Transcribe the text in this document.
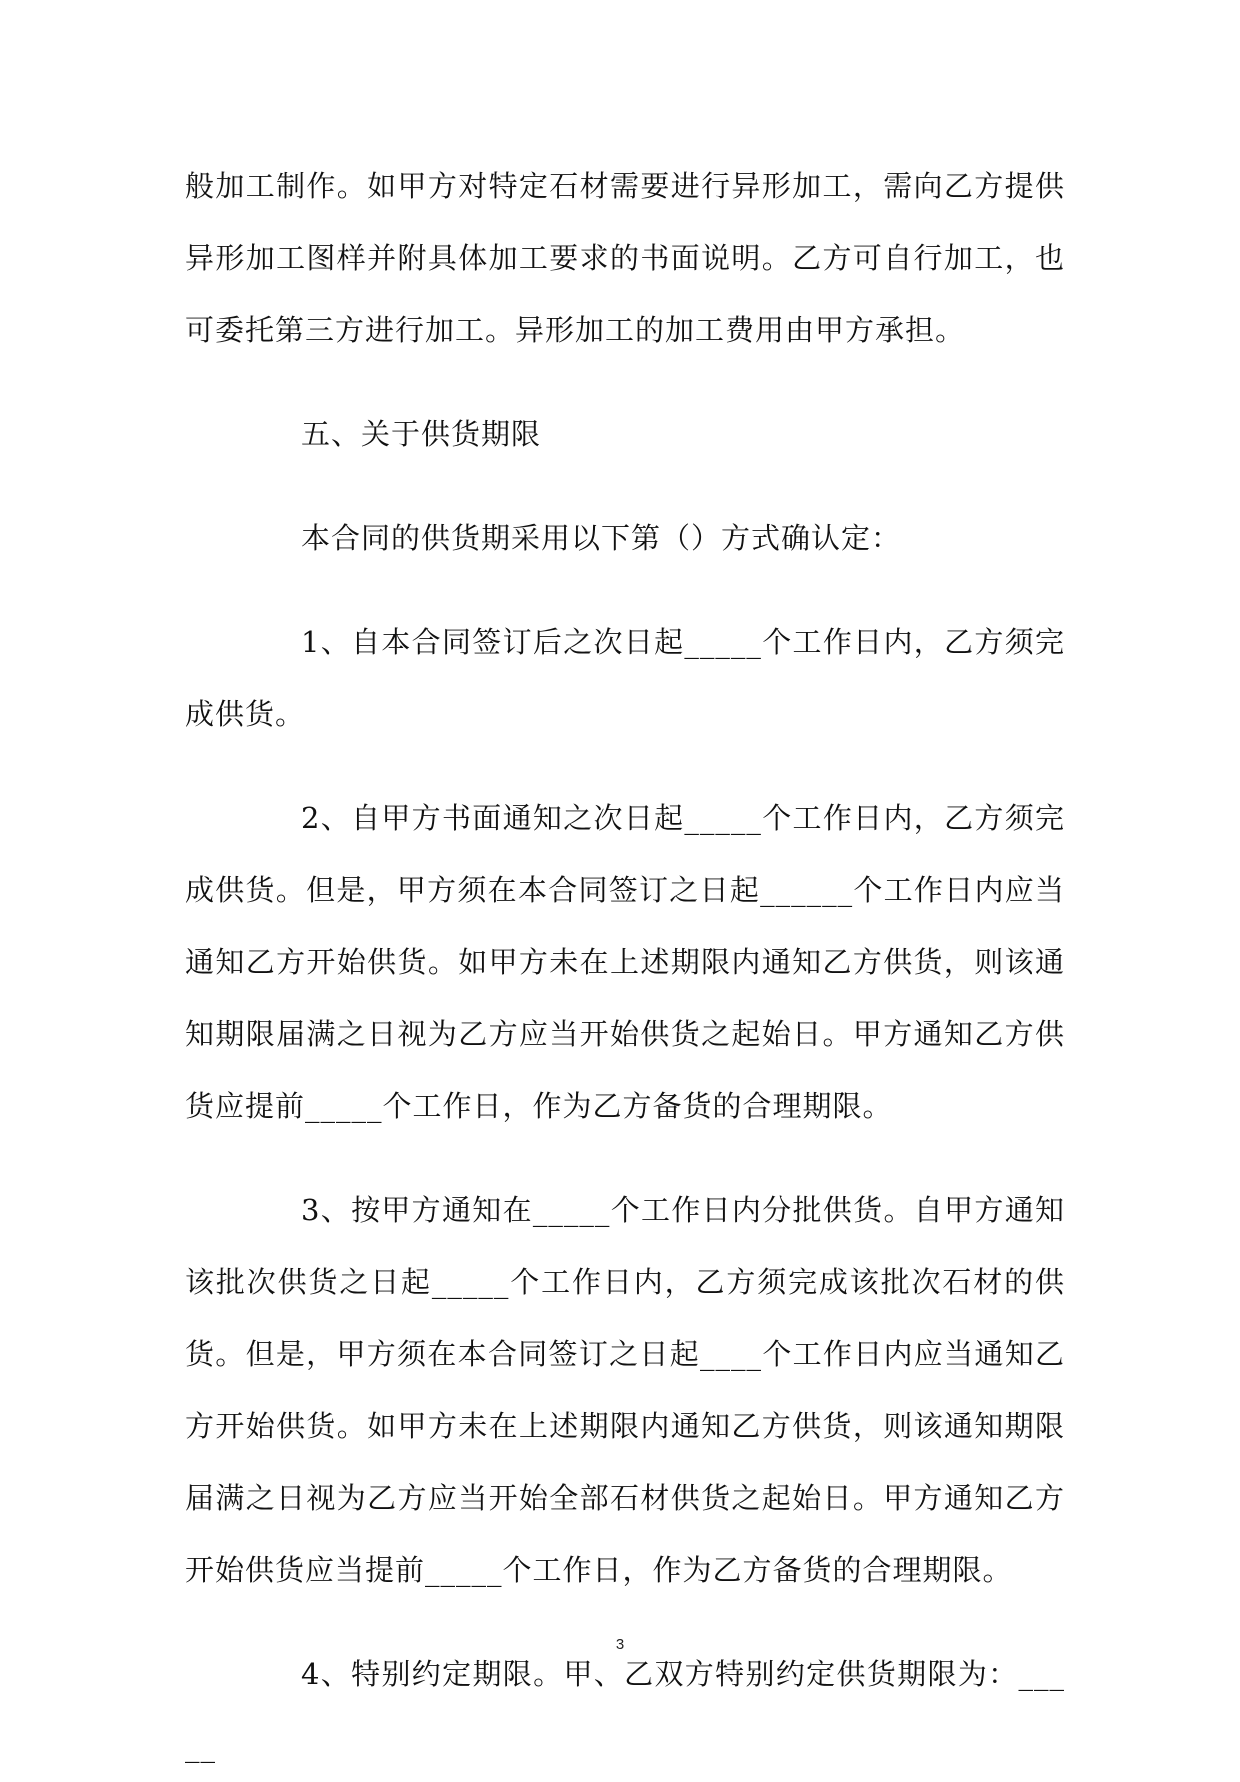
般加工制作。如甲方对特定石材需要进行异形加工，需向乙方提供异形加工图样并附具体加工要求的书面说明。乙方可自行加工，也可委托第三方进行加工。异形加工的加工费用由甲方承担。

五、关于供货期限

本合同的供货期采用以下第（）方式确认定：

1、自本合同签订后之次日起_____个工作日内，乙方须完成供货。

2、自甲方书面通知之次日起_____个工作日内，乙方须完成供货。但是，甲方须在本合同签订之日起______个工作日内应当通知乙方开始供货。如甲方未在上述期限内通知乙方供货，则该通知期限届满之日视为乙方应当开始供货之起始日。甲方通知乙方供货应提前_____个工作日，作为乙方备货的合理期限。

3、按甲方通知在_____个工作日内分批供货。自甲方通知该批次供货之日起_____个工作日内，乙方须完成该批次石材的供货。但是，甲方须在本合同签订之日起____个工作日内应当通知乙方开始供货。如甲方未在上述期限内通知乙方供货，则该通知期限届满之日视为乙方应当开始全部石材供货之起始日。甲方通知乙方开始供货应当提前_____个工作日，作为乙方备货的合理期限。

4、特别约定期限。甲、乙双方特别约定供货期限为：_____

3
